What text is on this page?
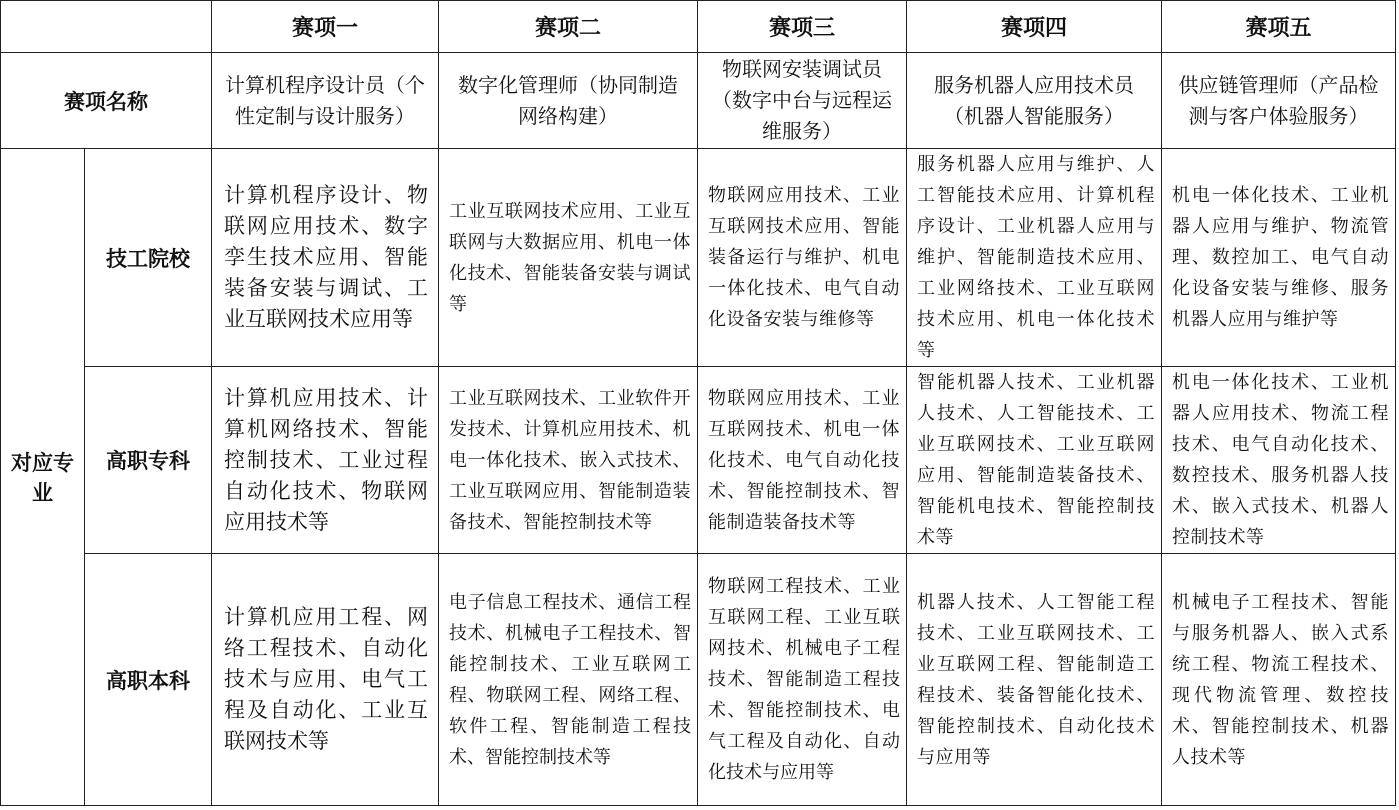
		赛项一	赛项二	赛项三	赛项四	赛项五
赛项名称		计算机程序设计员（个性定制与设计服务）	数字化管理师（协同制造网络构建）	物联网安装调试员（数字中台与远程运维服务）	服务机器人应用技术员（机器人智能服务）	供应链管理师（产品检测与客户体验服务）
对应专业	技工院校	计算机程序设计、物联网应用技术、数字孪生技术应用、智能装备安装与调试、工业互联网技术应用等	工业互联网技术应用、工业互联网与大数据应用、机电一体化技术、智能装备安装与调试等	物联网应用技术、工业互联网技术应用、智能装备运行与维护、机电一体化技术、电气自动化设备安装与维修等	服务机器人应用与维护、人工智能技术应用、计算机程序设计、工业机器人应用与维护、智能制造技术应用、工业网络技术、工业互联网技术应用、机电一体化技术等	机电一体化技术、工业机器人应用与维护、物流管理、数控加工、电气自动化设备安装与维修、服务机器人应用与维护等
	高职专科	计算机应用技术、计算机网络技术、智能控制技术、工业过程自动化技术、物联网应用技术等	工业互联网技术、工业软件开发技术、计算机应用技术、机电一体化技术、嵌入式技术、工业互联网应用、智能制造装备技术、智能控制技术等	物联网应用技术、工业互联网技术、机电一体化技术、电气自动化技术、智能控制技术、智能制造装备技术等	智能机器人技术、工业机器人技术、人工智能技术、工业互联网技术、工业互联网应用、智能制造装备技术、智能机电技术、智能控制技术等	机电一体化技术、工业机器人应用技术、物流工程技术、电气自动化技术、数控技术、服务机器人技术、嵌入式技术、机器人控制技术等
	高职本科	计算机应用工程、网络工程技术、自动化技术与应用、电气工程及自动化、工业互联网技术等	电子信息工程技术、通信工程技术、机械电子工程技术、智能控制技术、工业互联网工程、物联网工程、网络工程、软件工程、智能制造工程技术、智能控制技术等	物联网工程技术、工业互联网工程、工业互联网技术、机械电子工程技术、智能制造工程技术、智能控制技术、电气工程及自动化、自动化技术与应用等	机器人技术、人工智能工程技术、工业互联网技术、工业互联网工程、智能制造工程技术、装备智能化技术、智能控制技术、自动化技术与应用等	机械电子工程技术、智能与服务机器人、嵌入式系统工程、物流工程技术、现代物流管理、数控技术、智能控制技术、机器人技术等
